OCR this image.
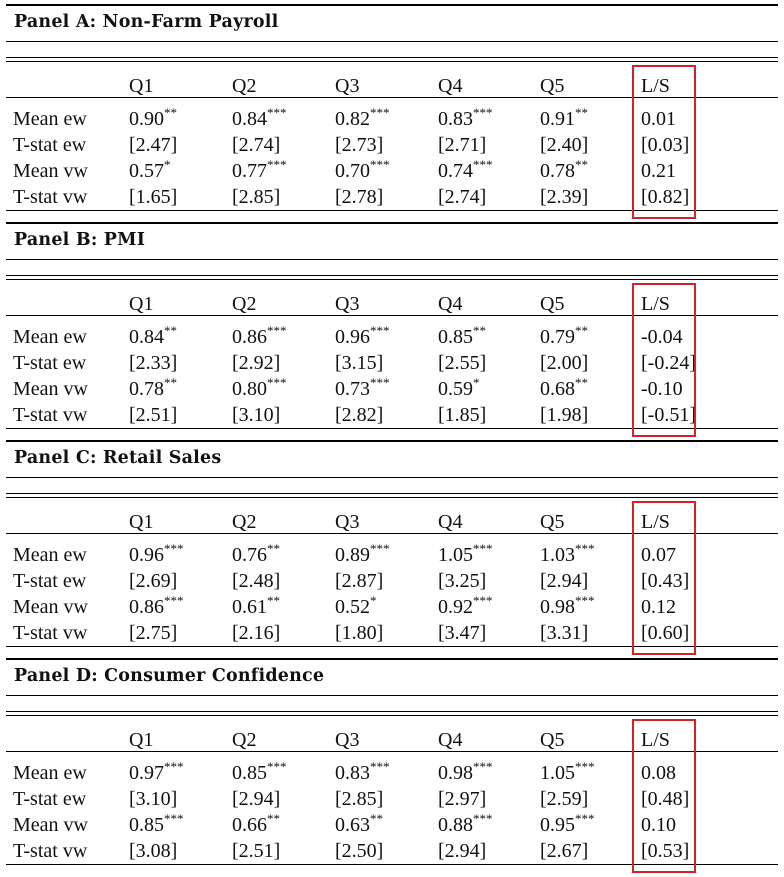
Panel A: Non-Farm Payroll
Q1	Q2	Q3	Q4	Q5	L/S
Mean ew 0.90**	0.84*** 0.82*** 0.83*** 0.91**	0.01
T-stat ew [2.47]	[2.74]	[2.73]	[2.71]	[2.40]	[0.03]
Mean vw 0.57*	0.77*** 0.70*** 0.74*** 0.78**	0.21
T-stat vw [1.65]	[2.85]	[2.78]	[2.74]	[2.39]	[0.82]
Panel B: PMI
Q1	Q2	Q3	Q4	Q5	L/S
Mean ew 0.84**	0.86*** 0.96*** 0.85**	0.79**	-0.04
T-stat ew [2.33]	[2.92]	[3.15]	[2.55]	[2.00]	[-0.24]
Mean vw 0.78**	0.80*** 0.73*** 0.59*	0.68**	-0.10
T-stat vw [2.51]	[3.10]	[2.82]	[1.85]	[1.98]	[-0.51]
Panel C: Retail Sales
Q1	Q2	Q3	Q4	Q5	L/S
Mean ew 0.96*** 0.76**	0.89*** 1.05*** 1.03*** 0.07
T-stat ew [2.69]	[2.48]	[2.87]	[3.25]	[2.94]	[0.43]
Mean vw 0.86*** 0.61**	0.52*	0.92*** 0.98*** 0.12
T-stat vw [2.75]	[2.16]	[1.80]	[3.47]	[3.31]	[0.60]
Panel D: Consumer Confidence
Q1	Q2	Q3	Q4	Q5	L/S
Mean ew 0.97*** 0.85*** 0.83*** 0.98*** 1.05*** 0.08
T-stat ew [3.10]	[2.94]	[2.85]	[2.97]	[2.59]	[0.48]
Mean vw 0.85*** 0.66**	0.63**	0.88*** 0.95*** 0.10
T-stat vw [3.08]	[2.51]	[2.50]	[2.94]	[2.67]	[0.53]
